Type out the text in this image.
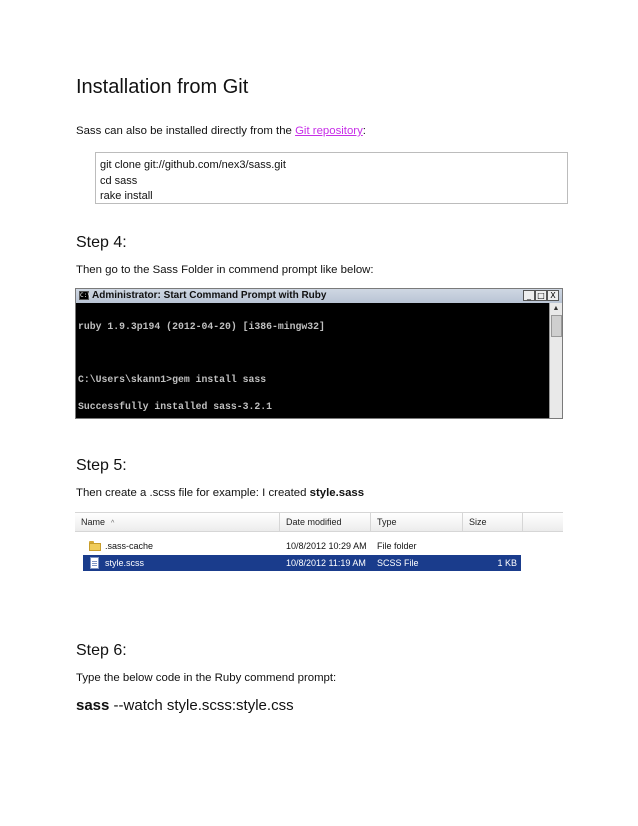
Installation from Git
Sass can also be installed directly from the Git repository:
git clone git://github.com/nex3/sass.git
cd sass
rake install
Step 4:
Then go to the Sass Folder in commend prompt like below:
C:\ Administrator: Start Command Prompt with Ruby	_ □ X

ruby 1.9.3p194 (2012-04-20) [i386-mingw32]

C:\Users\skann1>gem install sass

Successfully installed sass-3.2.1

▲
Step 5:
Then create a .scss file for example: I created style.sass
Name ^	Date modified	Type	Size
.sass-cache	10/8/2012 10:29 AM File folder

style.scss	10/8/2012 11:19 AM SCSS File	1 KB
Step 6:
Type the below code in the Ruby commend prompt:
sass --watch style.scss:style.css
